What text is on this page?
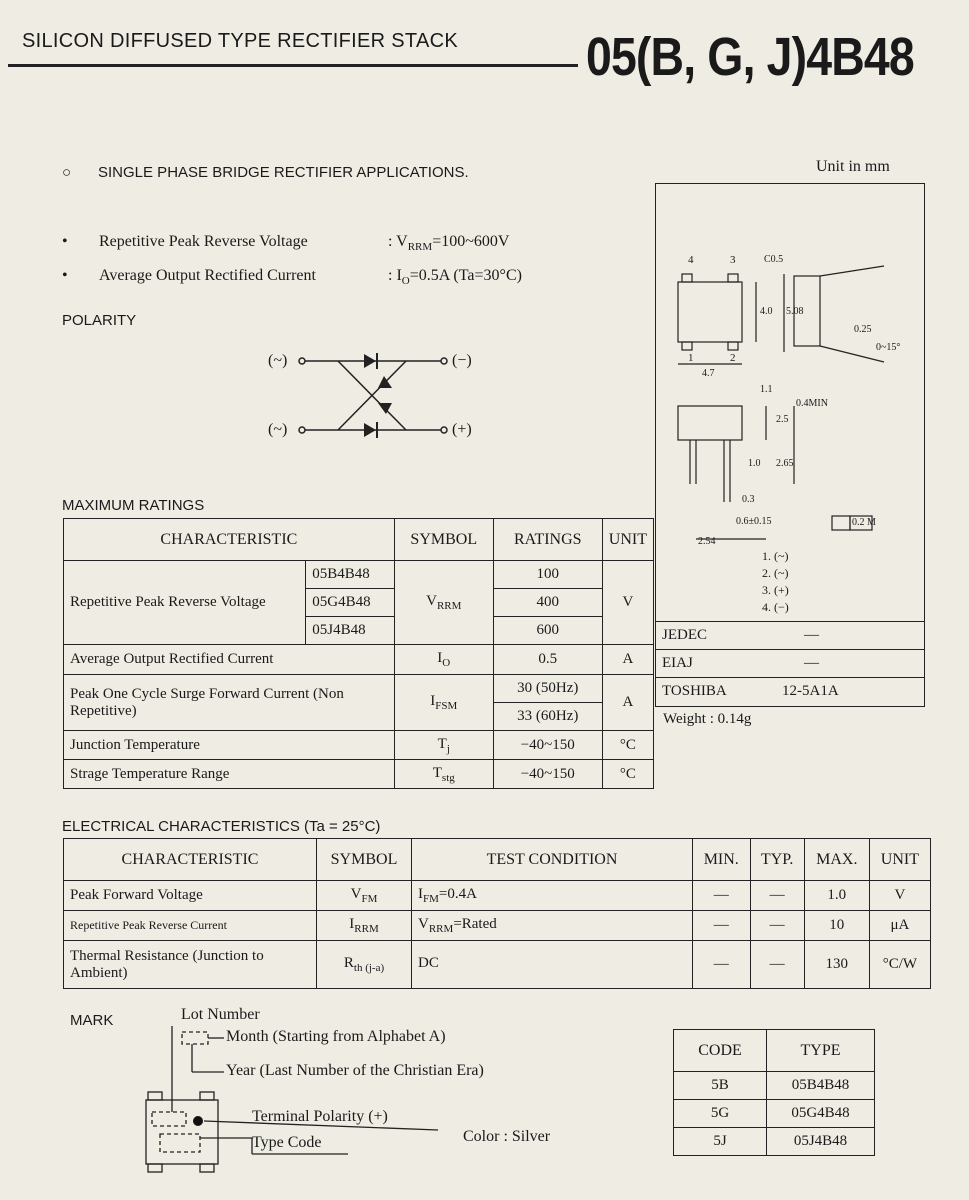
SILICON DIFFUSED TYPE RECTIFIER STACK 05(B, G, J)4B48
○ SINGLE PHASE BRIDGE RECTIFIER APPLICATIONS.
• Repetitive Peak Reverse Voltage	: $V_{RRM}=100\sim 600V$
• Average Output Rectified Current	: $I_O=0.5A$ (Ta=30°C)
POLARITY
(~)
(~)
(−)
(+)
Unit in mm
4	3
1	2
C0.5
4.0 5.08
0.25
4.7
0~15°
1.1
2.5
0.4MIN
1.0 2.65
0.3
0.6±0.15	0.2 M
2.54
1. (~)
2. (~)
3. (+)
4. (−)
JEDEC	—
EIAJ	—
TOSHIBA	12-5A1A
Weight : 0.14g
MAXIMUM RATINGS
CHARACTERISTIC		SYMBOL	RATINGS	UNIT
Repetitive Peak Reverse Voltage	05B4B48	$V_{RRM}$	100	V
	05G4B48		400	
	05J4B48		600	
Average Output Rectified Current		$I_O$	0.5	A
Peak One Cycle Surge Forward Current (Non Repetitive)		$I_{FSM}$	30 (50Hz)	A
			33 (60Hz)	
Junction Temperature		$T_j$	−40~150	°C
Strage Temperature Range		$T_{stg}$	−40~150	°C
ELECTRICAL CHARACTERISTICS (Ta = 25°C)
CHARACTERISTIC	SYMBOL	TEST CONDITION	MIN.	TYP.	MAX.	UNIT
Peak Forward Voltage	$V_{FM}$	$I_{FM}=0.4A$	—	—	1.0	V
Repetitive Peak Reverse Current	$I_{RRM}$	$V_{RRM}=Rated$	—	—	10	μA
Thermal Resistance (Junction to Ambient)	$R_{th (j-a)}$	DC	—	—	130	°C/W
MARK	Lot Number
Month (Starting from Alphabet A)
Year (Last Number of the Christian Era)
Terminal Polarity (+)
Type Code	Color : Silver
CODE	TYPE
5B	05B4B48
5G	05G4B48
5J	05J4B48
